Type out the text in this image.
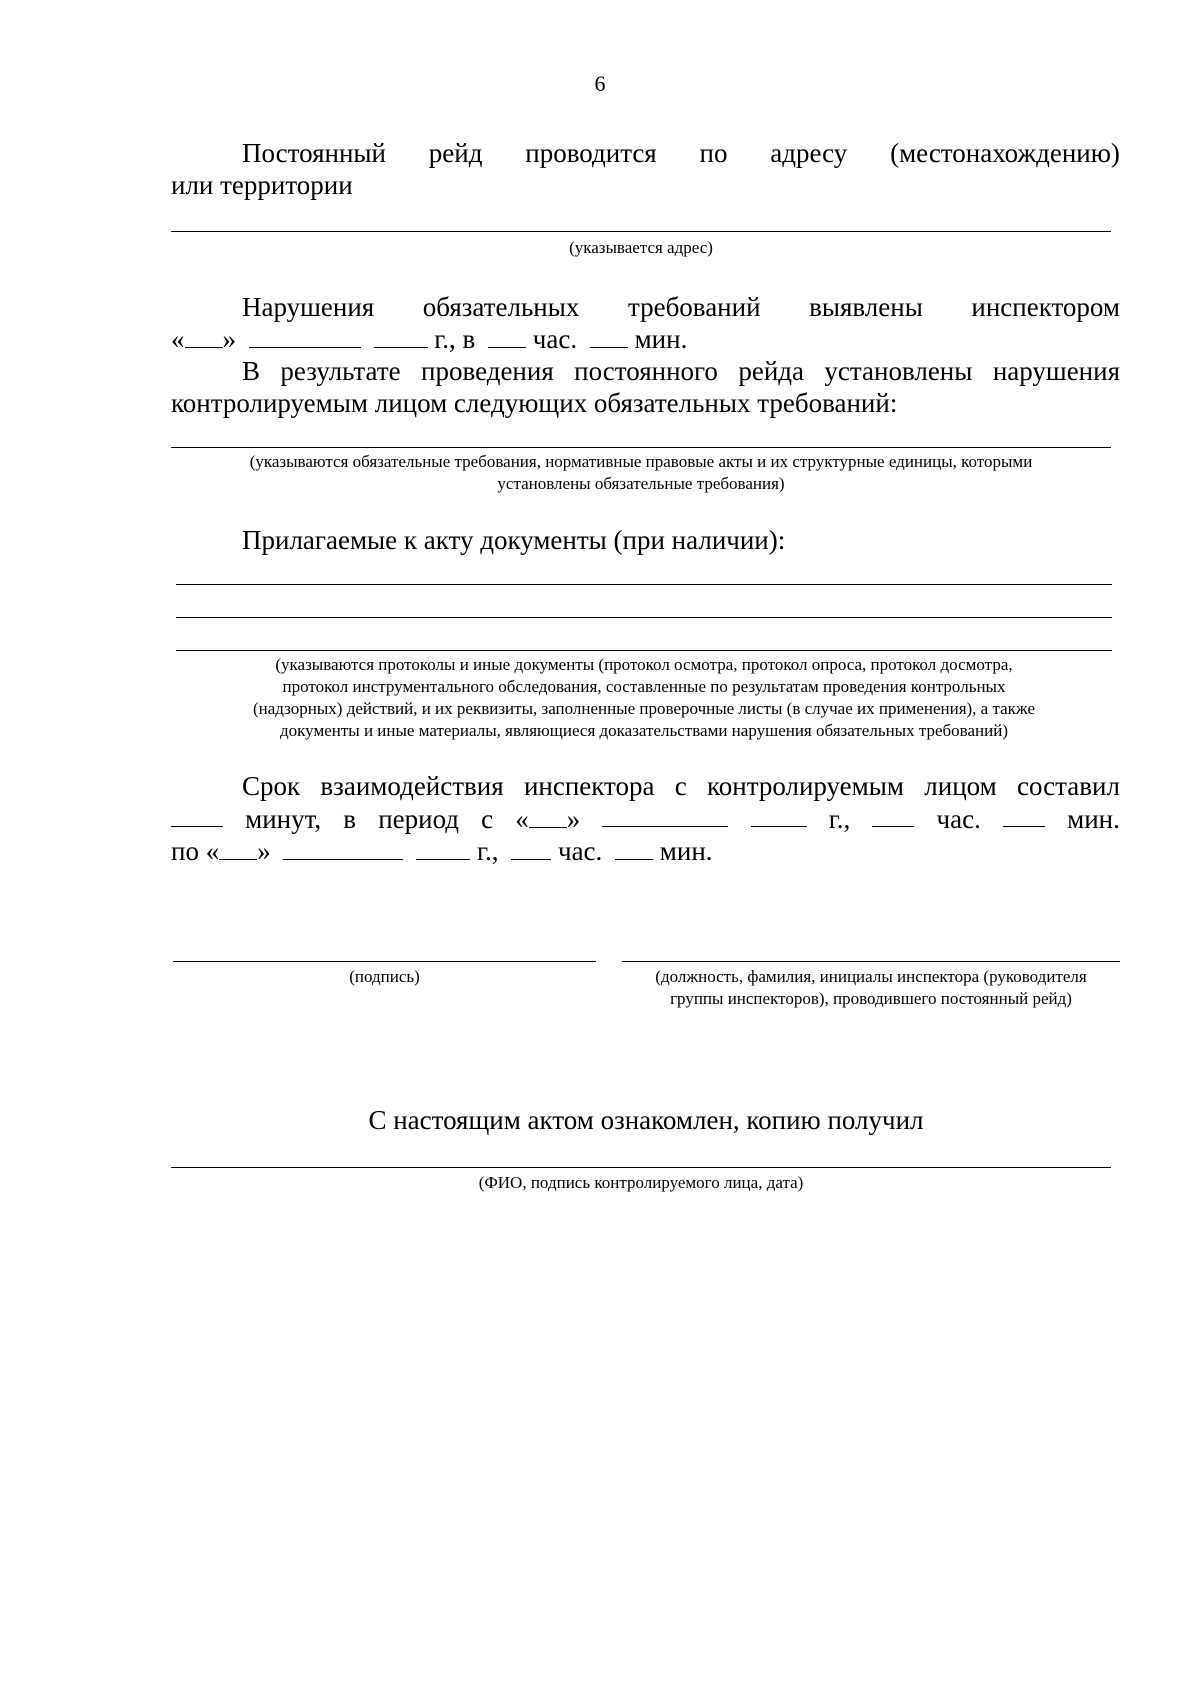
6
Постоянный рейд проводится по адресу (местонахождению)
или территории
(указывается адрес)
Нарушения обязательных требований выявлены инспектором
« »	г., в час. мин.
В результате проведения постоянного рейда установлены нарушения
контролируемым лицом следующих обязательных требований:
(указываются обязательные требования, нормативные правовые акты и их структурные единицы, которыми
установлены обязательные требования)
Прилагаемые к акту документы (при наличии):
(указываются протоколы и иные документы (протокол осмотра, протокол опроса, протокол досмотра,
протокол инструментального обследования, составленные по результатам проведения контрольных
(надзорных) действий, и их реквизиты, заполненные проверочные листы (в случае их применения), а также
документы и иные материалы, являющиеся доказательствами нарушения обязательных требований)
Срок взаимодействия инспектора с контролируемым лицом составил
минут, в период с « »	г.,	час.	мин.
по « »	г., час. мин.
(подпись)	(должность, фамилия, инициалы инспектора (руководителя
группы инспекторов), проводившего постоянный рейд)
С настоящим актом ознакомлен, копию получил
(ФИО, подпись контролируемого лица, дата)
